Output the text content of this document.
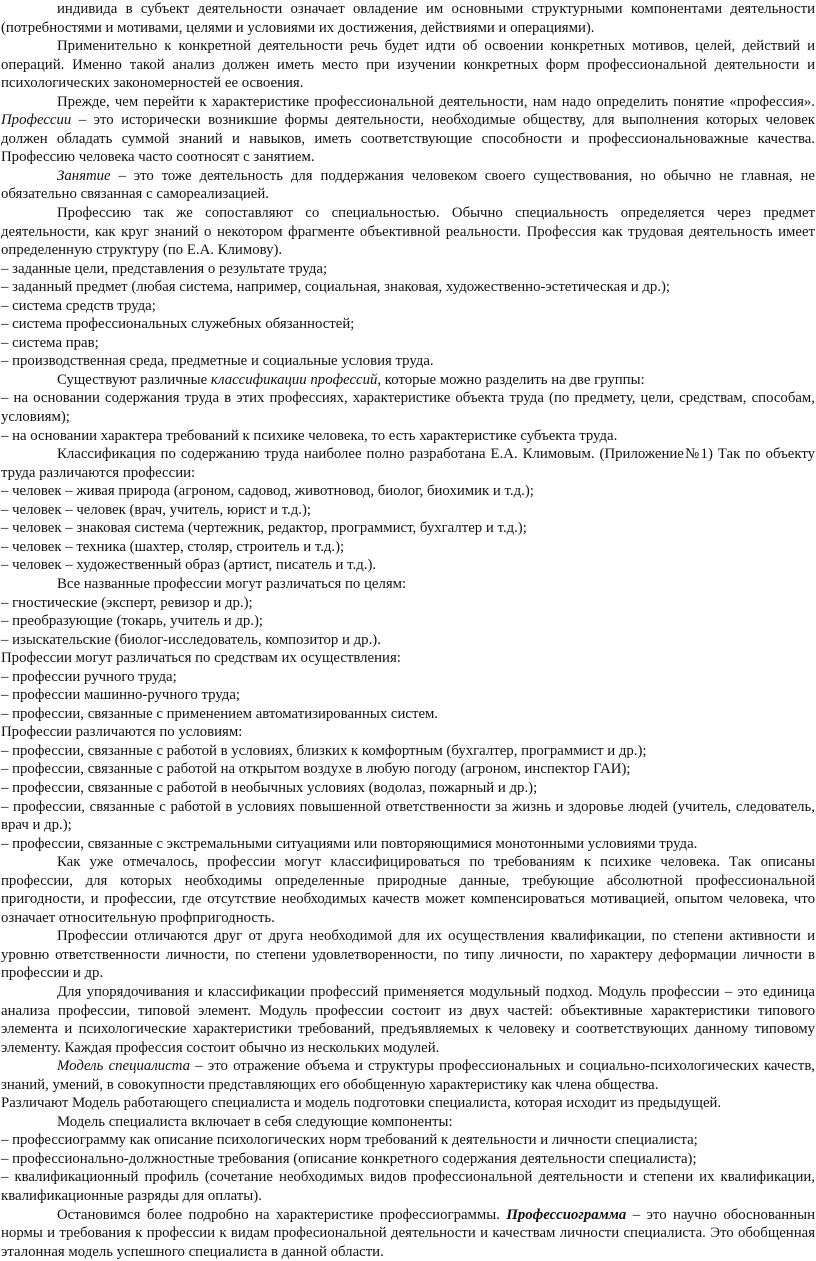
индивида в субъект деятельности означает овладение им основными структурными компонентами деятельности (потребностями и мотивами, целями и условиями их достижения, действиями и операциями).

Применительно к конкретной деятельности речь будет идти об освоении конкретных мотивов, целей, действий и операций. Именно такой анализ должен иметь место при изучении конкретных форм профессиональной деятельности и психологических закономерностей ее освоения.

Прежде, чем перейти к характеристике профессиональной деятельности, нам надо определить понятие «профессия». Профессии – это исторически возникшие формы деятельности, необходимые обществу, для выполнения которых человек должен обладать суммой знаний и навыков, иметь соответствующие способности и профессиональноважные качества. Профессию человека часто соотносят с занятием.

Занятие – это тоже деятельность для поддержания человеком своего существования, но обычно не главная, не обязательно связанная с самореализацией.

Профессию так же сопоставляют со специальностью. Обычно специальность определяется через предмет деятельности, как круг знаний о некотором фрагменте объективной реальности. Профессия как трудовая деятельность имеет определенную структуру (по Е.А. Климову).

– заданные цели, представления о результате труда;

– заданный предмет (любая система, например, социальная, знаковая, художественно-эстетическая и др.);

– система средств труда;

– система профессиональных служебных обязанностей;

– система прав;

– производственная среда, предметные и социальные условия труда.

Существуют различные классификации профессий, которые можно разделить на две группы:

– на основании содержания труда в этих профессиях, характеристике объекта труда (по предмету, цели, средствам, способам, условиям);

– на основании характера требований к психике человека, то есть характеристике субъекта труда.

Классификация по содержанию труда наиболее полно разработана Е.А. Климовым. (Приложение№1) Так по объекту труда различаются профессии:

– человек – живая природа (агроном, садовод, животновод, биолог, биохимик и т.д.);

– человек – человек (врач, учитель, юрист и т.д.);

– человек – знаковая система (чертежник, редактор, программист, бухгалтер и т.д.);

– человек – техника (шахтер, столяр, строитель и т.д.);

– человек – художественный образ (артист, писатель и т.д.).

Все названные профессии могут различаться по целям:

– гностические (эксперт, ревизор и др.);

– преобразующие (токарь, учитель и др.);

– изыскательские (биолог-исследователь, композитор и др.).

Профессии могут различаться по средствам их осуществления:

– профессии ручного труда;

– профессии машинно-ручного труда;

– профессии, связанные с применением автоматизированных систем.

Профессии различаются по условиям:

– профессии, связанные с работой в условиях, близких к комфортным (бухгалтер, программист и др.);

– профессии, связанные с работой на открытом воздухе в любую погоду (агроном, инспектор ГАИ);

– профессии, связанные с работой в необычных условиях (водолаз, пожарный и др.);

– профессии, связанные с работой в условиях повышенной ответственности за жизнь и здоровье людей (учитель, следователь, врач и др.);

– профессии, связанные с экстремальными ситуациями или повторяющимися монотонными условиями труда.

Как уже отмечалось, профессии могут классифицироваться по требованиям к психике человека. Так описаны профессии, для которых необходимы определенные природные данные, требующие абсолютной профессиональной пригодности, и профессии, где отсутствие необходимых качеств может компенсироваться мотивацией, опытом человека, что означает относительную профпригодность.

Профессии отличаются друг от друга необходимой для их осуществления квалификации, по степени активности и уровню ответственности личности, по степени удовлетворенности, по типу личности, по характеру деформации личности в профессии и др.

Для упорядочивания и классификации профессий применяется модульный подход. Модуль профессии – это единица анализа профессии, типовой элемент. Модуль профессии состоит из двух частей: объективные характеристики типового элемента и психологические характеристики требований, предъявляемых к человеку и соответствующих данному типовому элементу. Каждая профессия состоит обычно из нескольких модулей.

Модель специалиста – это отражение объема и структуры профессиональных и социально-психологических качеств, знаний, умений, в совокупности представляющих его обобщенную характеристику как члена общества.

Различают Модель работающего специалиста и модель подготовки специалиста, которая исходит из предыдущей.

Модель специалиста включает в себя следующие компоненты:

– профессиограмму как описание психологических норм требований к деятельности и личности специалиста;

– профессионально-должностные требования (описание конкретного содержания деятельности специалиста);

– квалификационный профиль (сочетание необходимых видов профессиональной деятельности и степени их квалификации, квалификационные разряды для оплаты).

Остановимся более подробно на характеристике профессиограммы. Профессиограмма – это научно обоснованнын нормы и требования к профессии к видам професиональной деятельности и качествам личности специалиста. Это обобщенная эталонная модель успешного специалиста в данной области.
